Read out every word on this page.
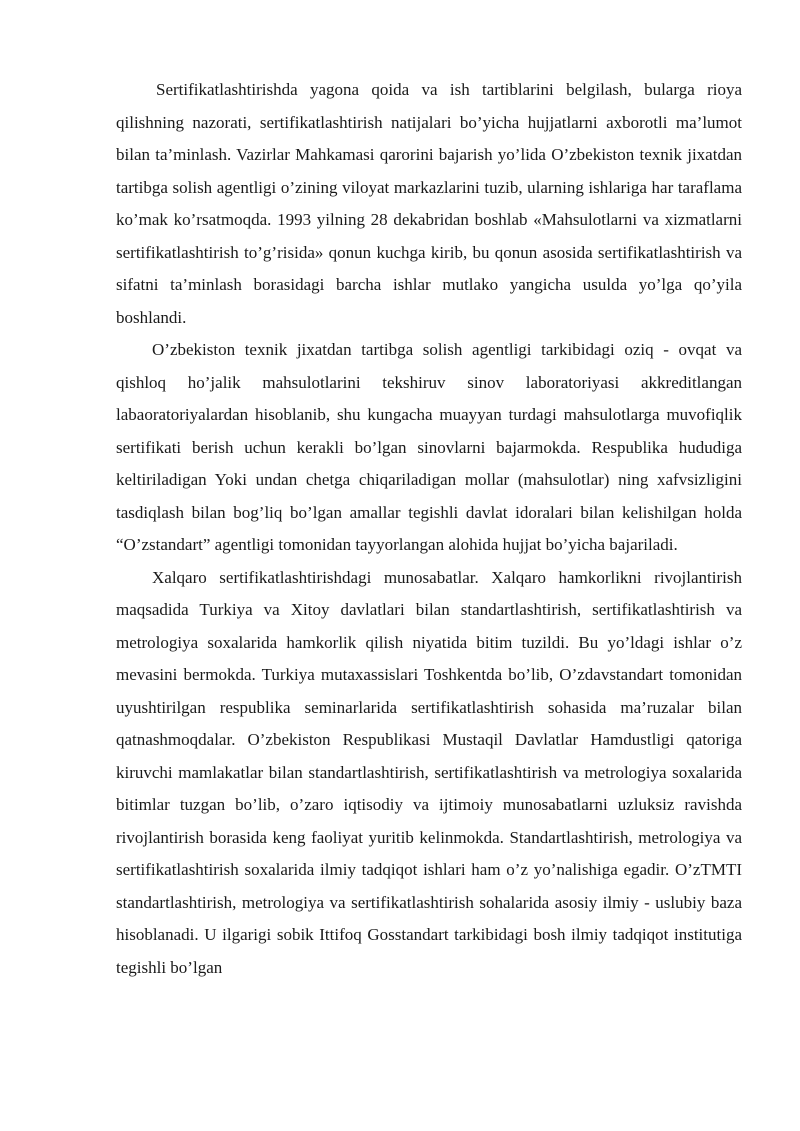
Sertifikatlashtirishda yagona qoida va ish tartiblarini belgilash, bularga rioya qilishning nazorati, sertifikatlashtirish natijalari bo’yicha hujjatlarni axborotli ma’lumot bilan ta’minlash. Vazirlar Mahkamasi qarorini bajarish yo’lida O’zbekiston texnik jixatdan tartibga solish agentligi o’zining viloyat markazlarini tuzib, ularning ishlariga har taraflama ko’mak ko’rsatmoqda. 1993 yilning 28 dekabridan boshlab «Mahsulotlarni va xizmatlarni sertifikatlashtirish to’g’risida» qonun kuchga kirib, bu qonun asosida sertifikatlashtirish va sifatni ta’minlash borasidagi barcha ishlar mutlako yangicha usulda yo’lga qo’yila boshlandi.

O’zbekiston texnik jixatdan tartibga solish agentligi tarkibidagi oziq - ovqat va qishloq ho’jalik mahsulotlarini tekshiruv sinov laboratoriyasi akkreditlangan labaoratoriyalardan hisoblanib, shu kungacha muayyan turdagi mahsulotlarga muvofiqlik sertifikati berish uchun kerakli bo’lgan sinovlarni bajarmokda. Respublika hududiga keltiriladigan Yoki undan chetga chiqariladigan mollar (mahsulotlar) ning xafvsizligini tasdiqlash bilan bog’liq bo’lgan amallar tegishli davlat idoralari bilan kelishilgan holda “O’zstandart” agentligi tomonidan tayyorlangan alohida hujjat bo’yicha bajariladi.

Xalqaro sertifikatlashtirishdagi munosabatlar. Xalqaro hamkorlikni rivojlantirish maqsadida Turkiya va Xitoy davlatlari bilan standartlashtirish, sertifikatlashtirish va metrologiya soxalarida hamkorlik qilish niyatida bitim tuzildi. Bu yo’ldagi ishlar o’z mevasini bermokda. Turkiya mutaxassislari Toshkentda bo’lib, O’zdavstandart tomonidan uyushtirilgan respublika seminarlarida sertifikatlashtirish sohasida ma’ruzalar bilan qatnashmoqdalar. O’zbekiston Respublikasi Mustaqil Davlatlar Hamdustligi qatoriga kiruvchi mamlakatlar bilan standartlashtirish, sertifikatlashtirish va metrologiya soxalarida bitimlar tuzgan bo’lib, o’zaro iqtisodiy va ijtimoiy munosabatlarni uzluksiz ravishda rivojlantirish borasida keng faoliyat yuritib kelinmokda. Standartlashtirish, metrologiya va sertifikatlashtirish soxalarida ilmiy tadqiqot ishlari ham o’z yo’nalishiga egadir. O’zTMTI standartlashtirish, metrologiya va sertifikatlashtirish sohalarida asosiy ilmiy - uslubiy baza hisoblanadi. U ilgarigi sobik Ittifoq Gosstandart tarkibidagi bosh ilmiy tadqiqot institutiga tegishli bo’lgan
